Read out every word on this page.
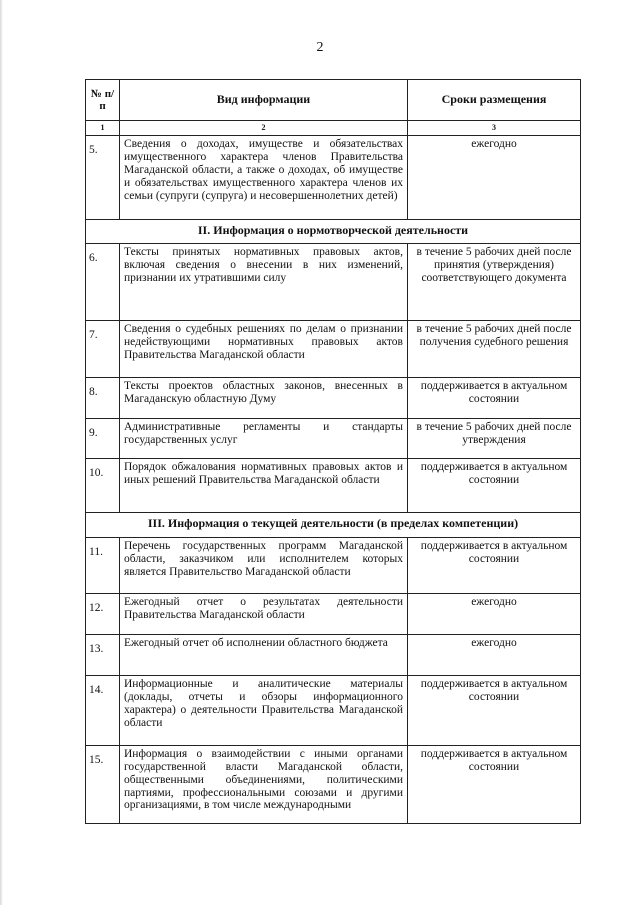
2
№ п/п	Вид информации	Сроки размещения
1	2	3
5.	Сведения о доходах, имуществе и обязательствах имущественного характера членов Правительства Магаданской области, а также о доходах, об имуществе и обязательствах имущественного характера членов их семьи (супруги (супруга) и несовершеннолетних детей)	ежегодно
II. Информация о нормотворческой деятельности		
6.	Тексты принятых нормативных правовых актов, включая сведения о внесении в них изменений, признании их утратившими силу	в течение 5 рабочих дней после принятия (утверждения) соответствующего документа
7.	Сведения о судебных решениях по делам о признании недействующими нормативных правовых актов Правительства Магаданской области	в течение 5 рабочих дней после получения судебного решения
8.	Тексты проектов областных законов, внесенных в Магаданскую областную Думу	поддерживается в актуальном состоянии
9.	Административные регламенты и стандарты государственных услуг	в течение 5 рабочих дней после утверждения
10.	Порядок обжалования нормативных правовых актов и иных решений Правительства Магаданской области	поддерживается в актуальном состоянии
III. Информация о текущей деятельности (в пределах компетенции)		
11.	Перечень государственных программ Магаданской области, заказчиком или исполнителем которых является Правительство Магаданской области	поддерживается в актуальном состоянии
12.	Ежегодный отчет о результатах деятельности Правительства Магаданской области	ежегодно
13.	Ежегодный отчет об исполнении областного бюджета	ежегодно
14.	Информационные и аналитические материалы (доклады, отчеты и обзоры информационного характера) о деятельности Правительства Магаданской области	поддерживается в актуальном состоянии
15.	Информация о взаимодействии с иными органами государственной власти Магаданской области, общественными объединениями, политическими партиями, профессиональными союзами и другими организациями, в том числе международными	поддерживается в актуальном состоянии
